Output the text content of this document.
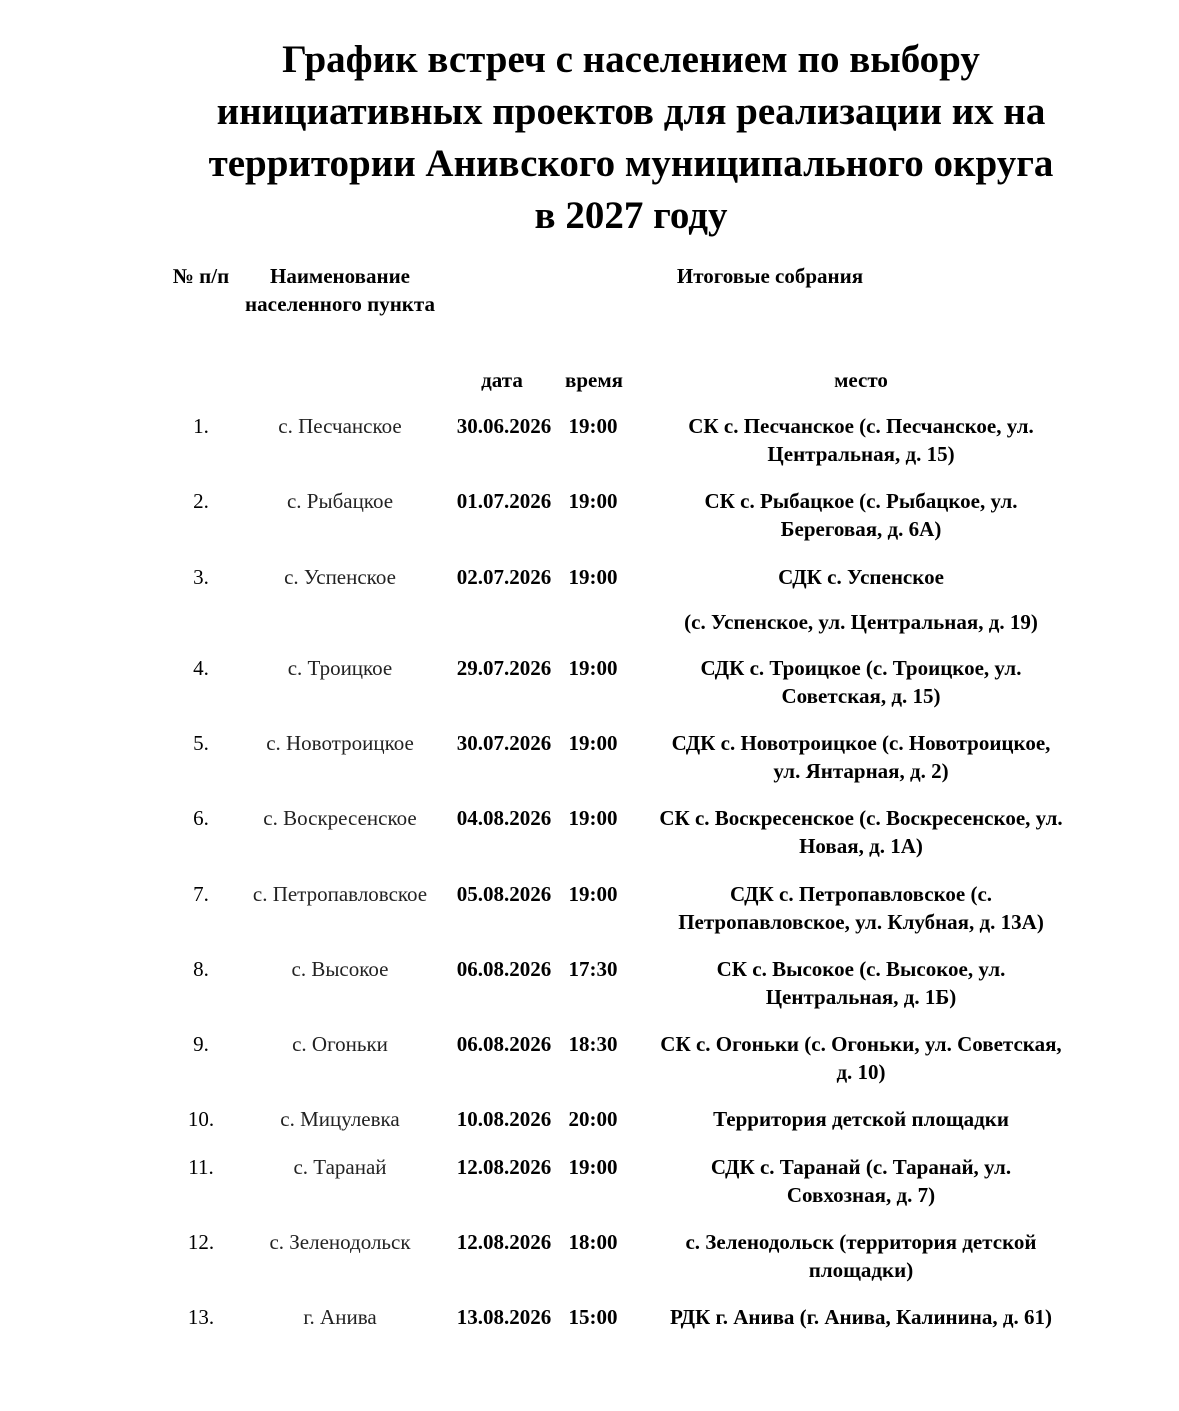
График встреч с населением по выбору
инициативных проектов для реализации их на
территории Анивского муниципального округа
в 2027 году
№ п/п	Наименование населенного пункта
Итоговые собрания
дата	время	место
1.	с. Песчанское	30.06.2026 19:00	СК с. Песчанское (с. Песчанское, ул.
Центральная, д. 15)
2.	с. Рыбацкое	01.07.2026 19:00	СК с. Рыбацкое (с. Рыбацкое, ул.
Береговая, д. 6А)
3.	с. Успенское	02.07.2026 19:00	СДК с. Успенское
(с. Успенское, ул. Центральная, д. 19)
4.	с. Троицкое	29.07.2026 19:00	СДК с. Троицкое (с. Троицкое, ул.
Советская, д. 15)
5.	с. Новотроицкое	30.07.2026 19:00	СДК с. Новотроицкое (с. Новотроицкое,
ул. Янтарная, д. 2)
6.	с. Воскресенское	04.08.2026 19:00	СК с. Воскресенское (с. Воскресенское, ул.
Новая, д. 1А)
7.	с. Петропавловское	05.08.2026 19:00	СДК с. Петропавловское (с.
Петропавловское, ул. Клубная, д. 13А)
8.	с. Высокое	06.08.2026 17:30	СК с. Высокое (с. Высокое, ул.
Центральная, д. 1Б)
9.	с. Огоньки	06.08.2026 18:30	СК с. Огоньки (с. Огоньки, ул. Советская,
д. 10)
10.	с. Мицулевка	10.08.2026 20:00	Территория детской площадки
11.	с. Таранай	12.08.2026 19:00	СДК с. Таранай (с. Таранай, ул.
Совхозная, д. 7)
12.	с. Зеленодольск	12.08.2026 18:00	с. Зеленодольск (территория детской
площадки)
13.	г. Анива	13.08.2026 15:00	РДК г. Анива (г. Анива, Калинина, д. 61)
